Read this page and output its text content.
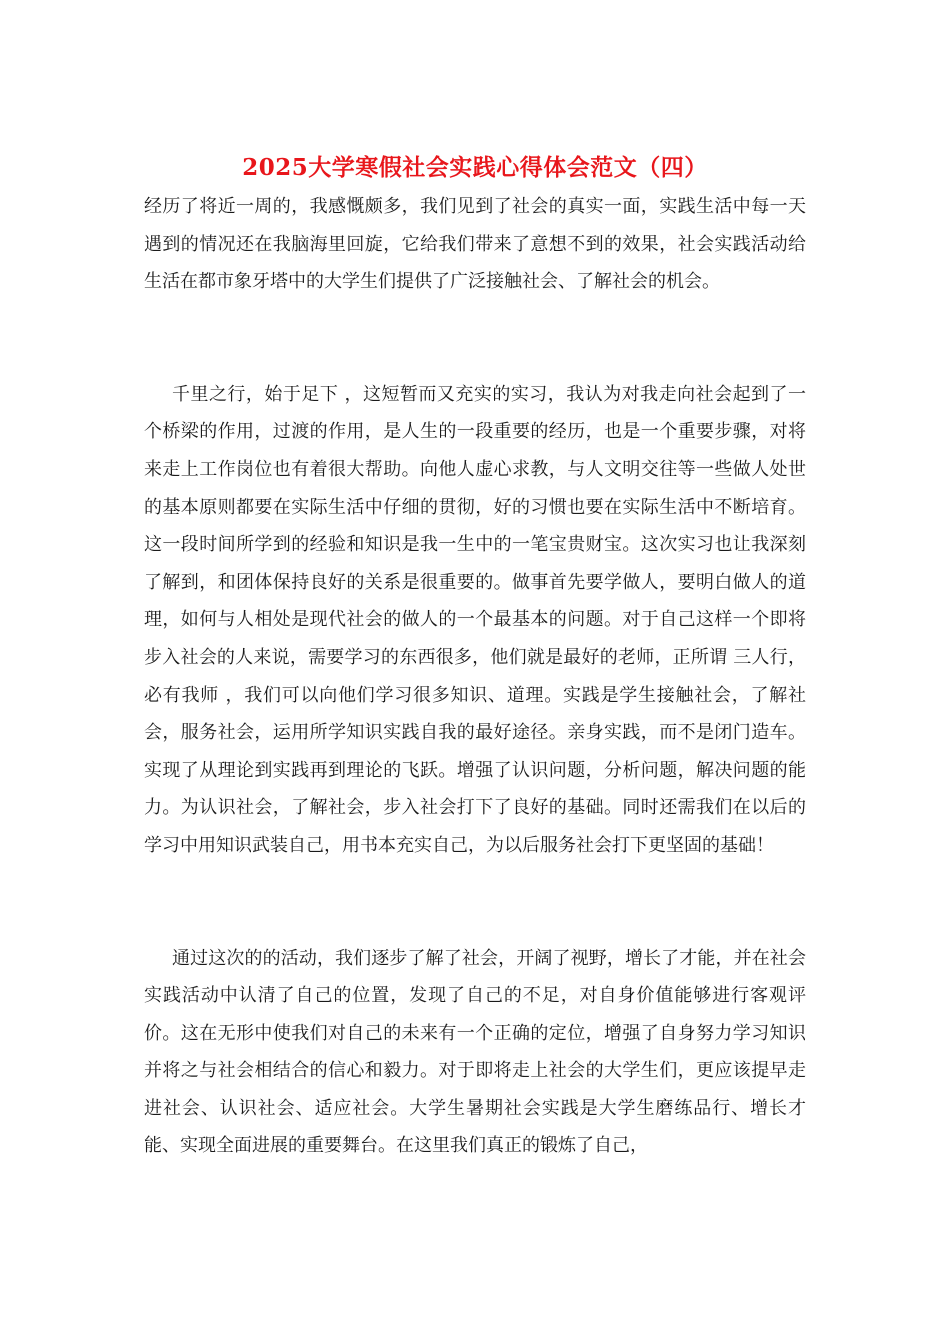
2025大学寒假社会实践心得体会范文（四）

经历了将近一周的，我感慨颇多，我们见到了社会的真实一面，实践生活中每一天遇到的情况还在我脑海里回旋，它给我们带来了意想不到的效果，社会实践活动给生活在都市象牙塔中的大学生们提供了广泛接触社会、了解社会的机会。

千里之行，始于足下 ，这短暂而又充实的实习，我认为对我走向社会起到了一个桥梁的作用，过渡的作用，是人生的一段重要的经历，也是一个重要步骤，对将来走上工作岗位也有着很大帮助。向他人虚心求教，与人文明交往等一些做人处世的基本原则都要在实际生活中仔细的贯彻，好的习惯也要在实际生活中不断培育。这一段时间所学到的经验和知识是我一生中的一笔宝贵财宝。这次实习也让我深刻了解到，和团体保持良好的关系是很重要的。做事首先要学做人，要明白做人的道理，如何与人相处是现代社会的做人的一个最基本的问题。对于自己这样一个即将步入社会的人来说，需要学习的东西很多，他们就是最好的老师，正所谓 三人行，必有我师 ，我们可以向他们学习很多知识、道理。实践是学生接触社会，了解社会，服务社会，运用所学知识实践自我的最好途径。亲身实践，而不是闭门造车。实现了从理论到实践再到理论的飞跃。增强了认识问题，分析问题，解决问题的能力。为认识社会，了解社会，步入社会打下了良好的基础。同时还需我们在以后的学习中用知识武装自己，用书本充实自己，为以后服务社会打下更坚固的基础！

通过这次的的活动，我们逐步了解了社会，开阔了视野，增长了才能，并在社会实践活动中认清了自己的位置，发现了自己的不足，对自身价值能够进行客观评价。这在无形中使我们对自己的未来有一个正确的定位，增强了自身努力学习知识并将之与社会相结合的信心和毅力。对于即将走上社会的大学生们，更应该提早走进社会、认识社会、适应社会。大学生暑期社会实践是大学生磨练品行、增长才能、实现全面进展的重要舞台。在这里我们真正的锻炼了自己，
